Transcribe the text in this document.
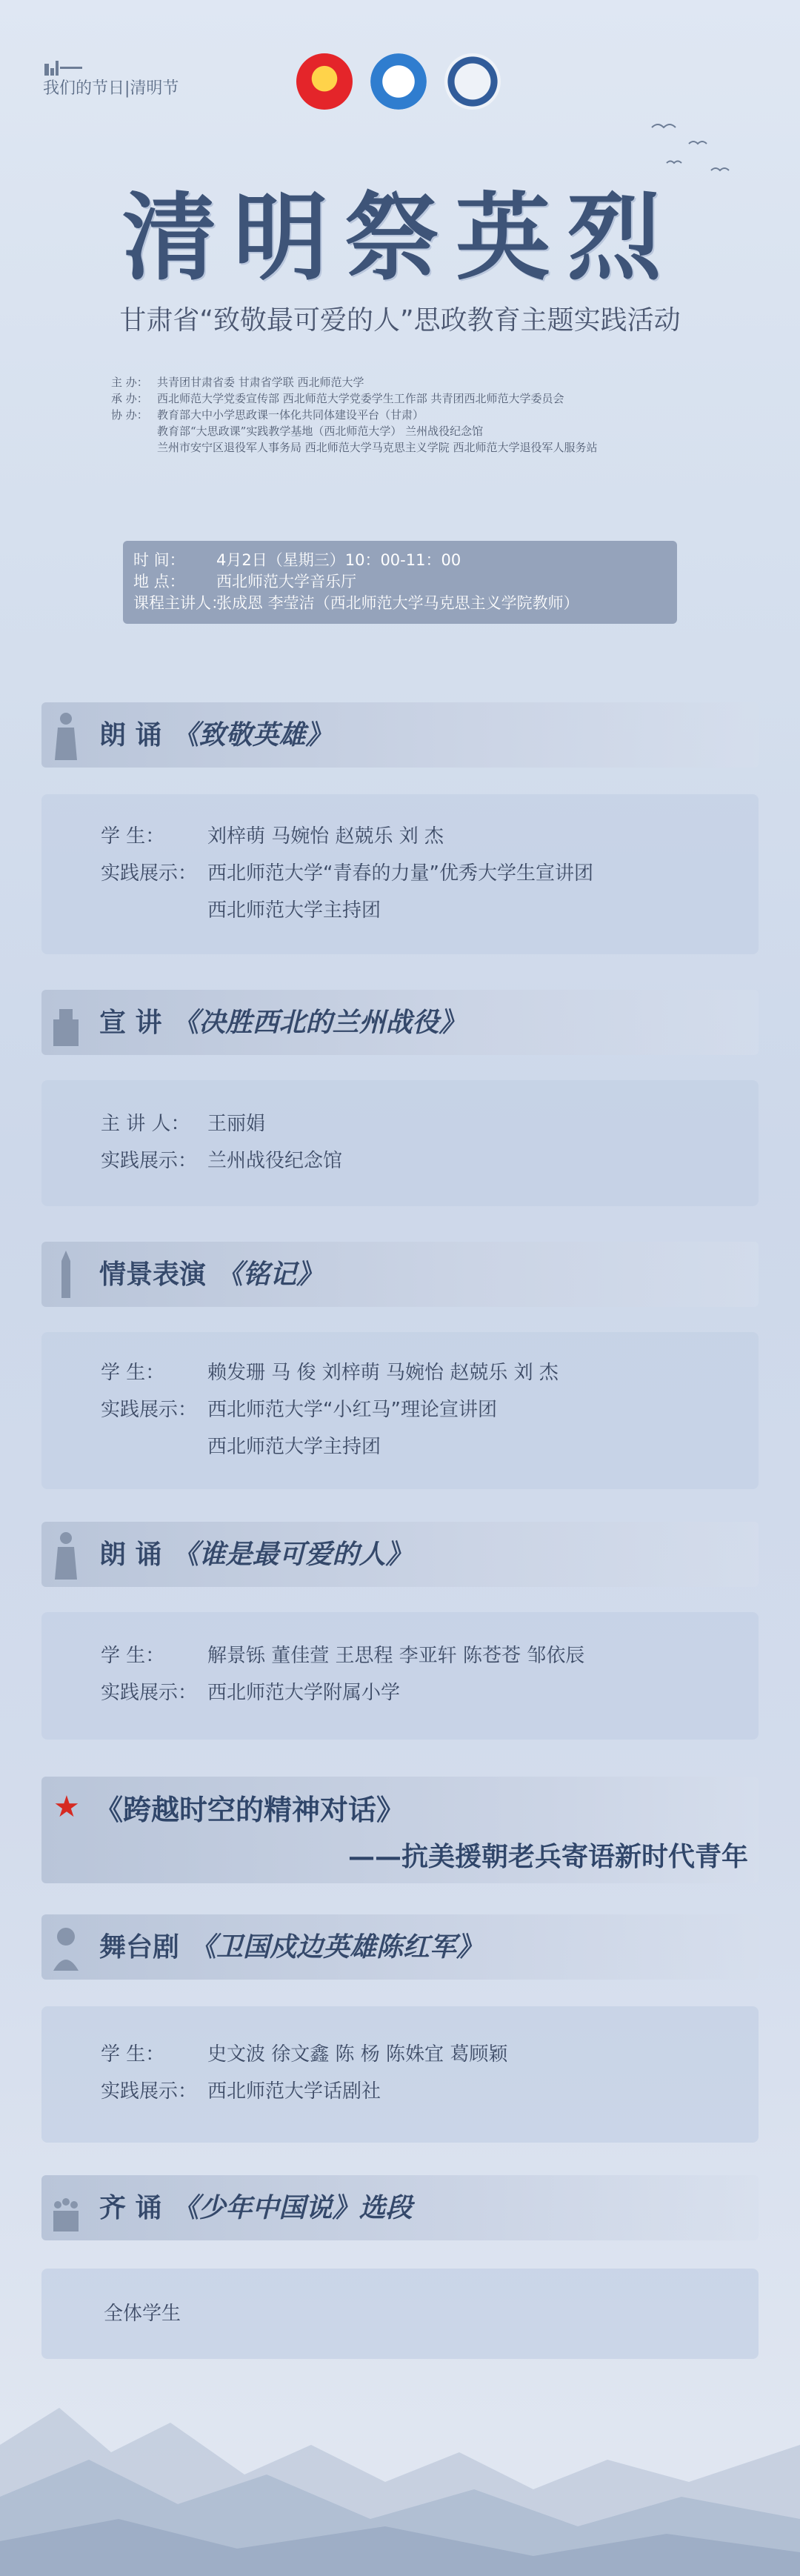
我们的节日|清明节
清明祭英烈
甘肃省“致敬最可爱的人”思政教育主题实践活动
主 办： 共青团甘肃省委 甘肃省学联 西北师范大学
承 办： 西北师范大学党委宣传部 西北师范大学党委学生工作部 共青团西北师范大学委员会
协 办： 教育部大中小学思政课一体化共同体建设平台（甘肃）
教育部“大思政课”实践教学基地（西北师范大学） 兰州战役纪念馆
兰州市安宁区退役军人事务局 西北师范大学马克思主义学院 西北师范大学退役军人服务站
时 间： 4月2日（星期三）10：00-11：00
地 点： 西北师范大学音乐厅
课程主讲人：张成恩 李莹洁（西北师范大学马克思主义学院教师）
朗 诵 《致敬英雄》
学 生： 刘梓萌 马婉怡 赵兢乐 刘 杰
实践展示： 西北师范大学“青春的力量”优秀大学生宣讲团
西北师范大学主持团
宣 讲 《决胜西北的兰州战役》
主 讲 人： 王丽娟
实践展示： 兰州战役纪念馆
情景表演 《铭记》
学 生： 赖发珊 马 俊 刘梓萌 马婉怡 赵兢乐 刘 杰
实践展示： 西北师范大学“小红马”理论宣讲团
西北师范大学主持团
朗 诵 《谁是最可爱的人》
学 生： 解景铄 董佳萱 王思程 李亚轩 陈苍苍 邹依辰
实践展示： 西北师范大学附属小学
★ 《跨越时空的精神对话》
——抗美援朝老兵寄语新时代青年
舞台剧 《卫国戍边英雄陈红军》
学 生： 史文波 徐文鑫 陈 杨 陈姝宜 葛顾颖
实践展示： 西北师范大学话剧社
齐 诵 《少年中国说》选段
全体学生
